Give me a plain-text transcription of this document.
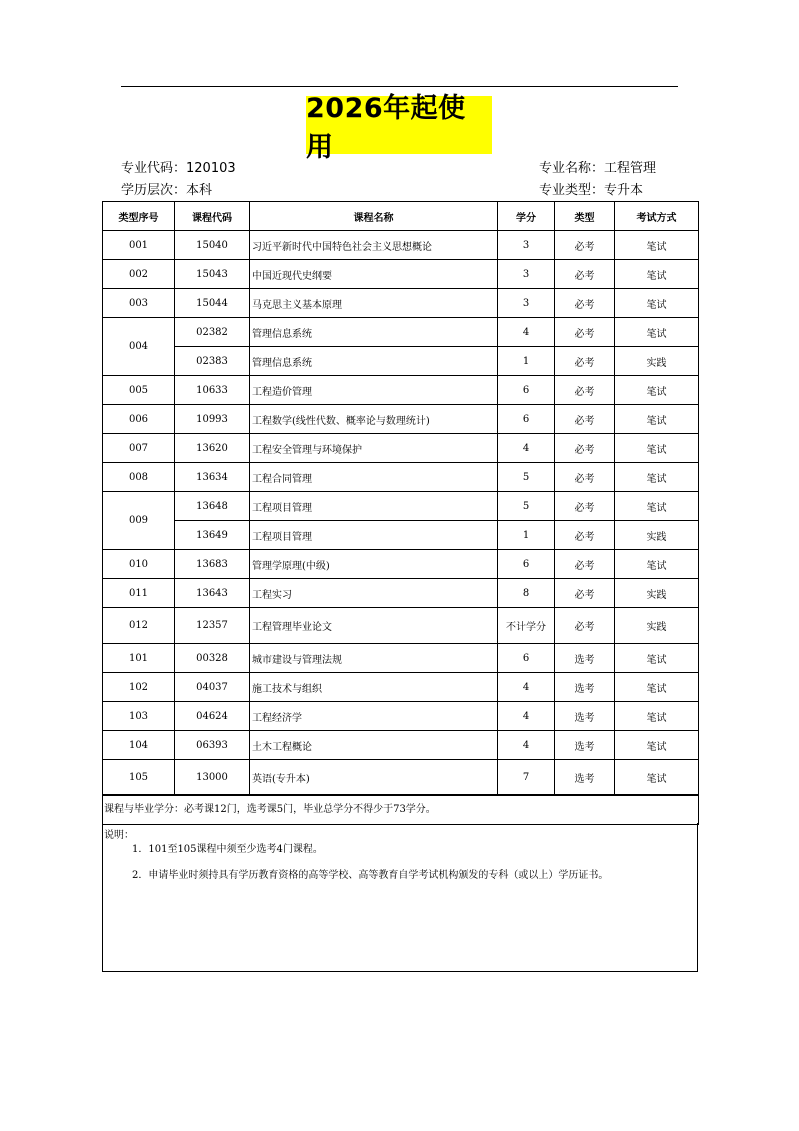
2026年起使用
专业代码：120103	专业名称：工程管理
学历层次：本科	专业类型：专升本
类型序号	课程代码	课程名称	学分	类型	考试方式
001	15040	习近平新时代中国特色社会主义思想概论	3	必考	笔试
002	15043	中国近现代史纲要	3	必考	笔试
003	15044	马克思主义基本原理	3	必考	笔试
004	02382	管理信息系统	4	必考	笔试
	02383	管理信息系统	1	必考	实践
005	10633	工程造价管理	6	必考	笔试
006	10993	工程数学(线性代数、概率论与数理统计)	6	必考	笔试
007	13620	工程安全管理与环境保护	4	必考	笔试
008	13634	工程合同管理	5	必考	笔试
009	13648	工程项目管理	5	必考	笔试
	13649	工程项目管理	1	必考	实践
010	13683	管理学原理(中级)	6	必考	笔试
011	13643	工程实习	8	必考	实践
012	12357	工程管理毕业论文	不计学分	必考	实践
101	00328	城市建设与管理法规	6	选考	笔试
102	04037	施工技术与组织	4	选考	笔试
103	04624	工程经济学	4	选考	笔试
104	06393	土木工程概论	4	选考	笔试
105	13000	英语(专升本)	7	选考	笔试
课程与毕业学分：必考课12门，选考课5门，毕业总学分不得少于73学分。
说明：
1．101至105课程中须至少选考4门课程。
2．申请毕业时须持具有学历教育资格的高等学校、高等教育自学考试机构颁发的专科（或以上）学历证书。
